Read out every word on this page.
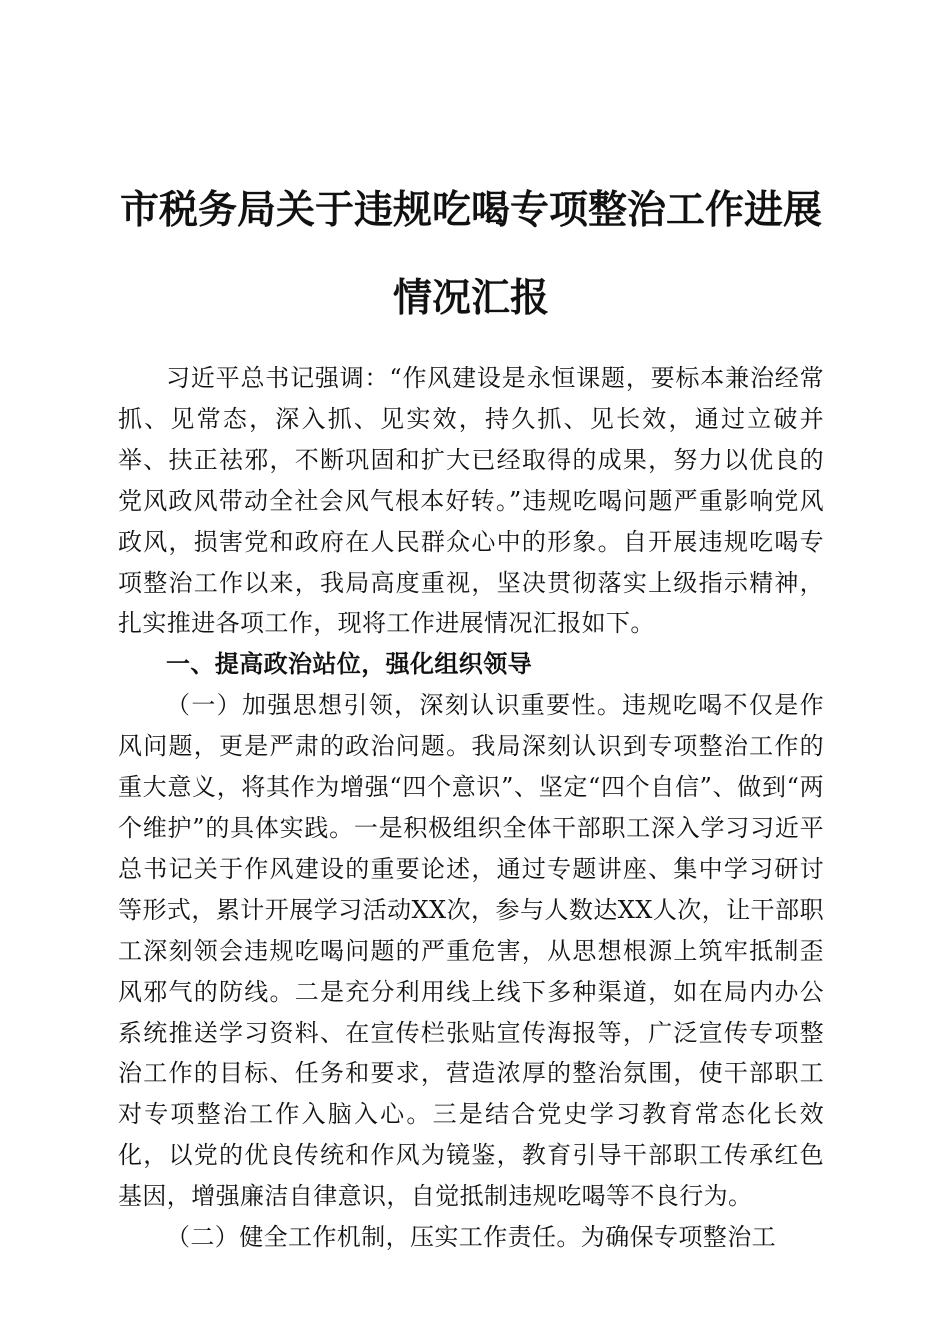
市税务局关于违规吃喝专项整治工作进展情况汇报

习近平总书记强调：“作风建设是永恒课题，要标本兼治经常抓、见常态，深入抓、见实效，持久抓、见长效，通过立破并举、扶正祛邪，不断巩固和扩大已经取得的成果，努力以优良的党风政风带动全社会风气根本好转。”违规吃喝问题严重影响党风政风，损害党和政府在人民群众心中的形象。自开展违规吃喝专项整治工作以来，我局高度重视，坚决贯彻落实上级指示精神，扎实推进各项工作，现将工作进展情况汇报如下。

一、提高政治站位，强化组织领导

（一）加强思想引领，深刻认识重要性。违规吃喝不仅是作风问题，更是严肃的政治问题。我局深刻认识到专项整治工作的重大意义，将其作为增强“四个意识”、坚定“四个自信”、做到“两个维护”的具体实践。一是积极组织全体干部职工深入学习习近平总书记关于作风建设的重要论述，通过专题讲座、集中学习研讨等形式，累计开展学习活动XX次，参与人数达XX人次，让干部职工深刻领会违规吃喝问题的严重危害，从思想根源上筑牢抵制歪风邪气的防线。二是充分利用线上线下多种渠道，如在局内办公系统推送学习资料、在宣传栏张贴宣传海报等，广泛宣传专项整治工作的目标、任务和要求，营造浓厚的整治氛围，使干部职工对专项整治工作入脑入心。三是结合党史学习教育常态化长效化，以党的优良传统和作风为镜鉴，教育引导干部职工传承红色基因，增强廉洁自律意识，自觉抵制违规吃喝等不良行为。

（二）健全工作机制，压实工作责任。为确保专项整治工
